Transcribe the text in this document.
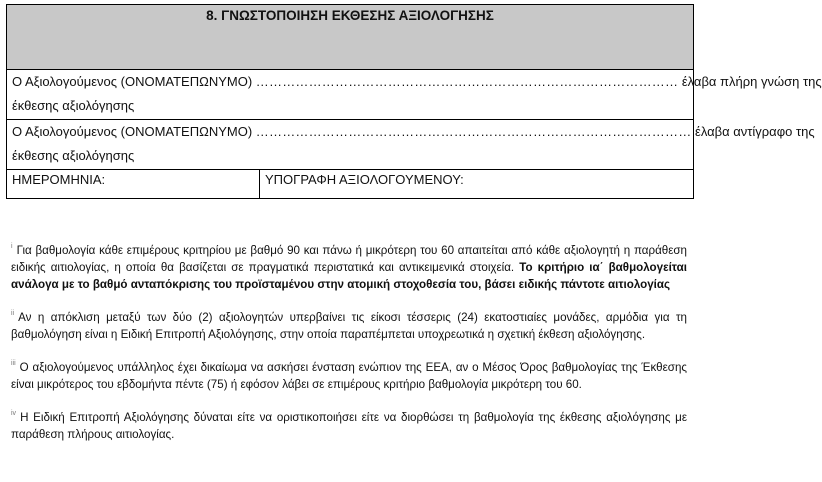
8. ΓΝΩΣΤΟΠΟΙΗΣΗ ΕΚΘΕΣΗΣ ΑΞΙΟΛΟΓΗΣΗΣ

Ο Αξιολογούμενος (ΟΝΟΜΑΤΕΠΩΝΥΜΟ) …………………………………………………………………………………… έλαβα πλήρη γνώση της
έκθεσης αξιολόγησης

Ο Αξιολογούμενος (ΟΝΟΜΑΤΕΠΩΝΥΜΟ) ……………………………………………………………………………………… έλαβα αντίγραφο της
έκθεσης αξιολόγησης

ΗΜΕΡΟΜΗΝΙΑ:	ΥΠΟΓΡΑΦΗ ΑΞΙΟΛΟΓΟΥΜΕΝΟΥ:

$^i$ Για βαθμολογία κάθε επιμέρους κριτηρίου με βαθμό 90 και πάνω ή μικρότερη του 60 απαιτείται από κάθε αξιολογητή η παράθεση ειδικής αιτιολογίας, η οποία θα βασίζεται σε πραγματικά περιστατικά και αντικειμενικά στοιχεία. Το κριτήριο ια΄ βαθμολογείται ανάλογα με το βαθμό ανταπόκρισης του προϊσταμένου στην ατομική στοχοθεσία του, βάσει ειδικής πάντοτε αιτιολογίας

$^{ii}$ Αν η απόκλιση μεταξύ των δύο (2) αξιολογητών υπερβαίνει τις είκοσι τέσσερις (24) εκατοστιαίες μονάδες, αρμόδια για τη βαθμολόγηση είναι η Ειδική Επιτροπή Αξιολόγησης, στην οποία παραπέμπεται υποχρεωτικά η σχετική έκθεση αξιολόγησης.

$^{iii}$ Ο αξιολογούμενος υπάλληλος έχει δικαίωμα να ασκήσει ένσταση ενώπιον της ΕΕΑ, αν ο Μέσος Όρος βαθμολογίας της Έκθεσης είναι μικρότερος του εβδομήντα πέντε (75) ή εφόσον λάβει σε επιμέρους κριτήριο βαθμολογία μικρότερη του 60.

$^{iv}$ Η Ειδική Επιτροπή Αξιολόγησης δύναται είτε να οριστικοποιήσει είτε να διορθώσει τη βαθμολογία της έκθεσης αξιολόγησης με παράθεση πλήρους αιτιολογίας.
